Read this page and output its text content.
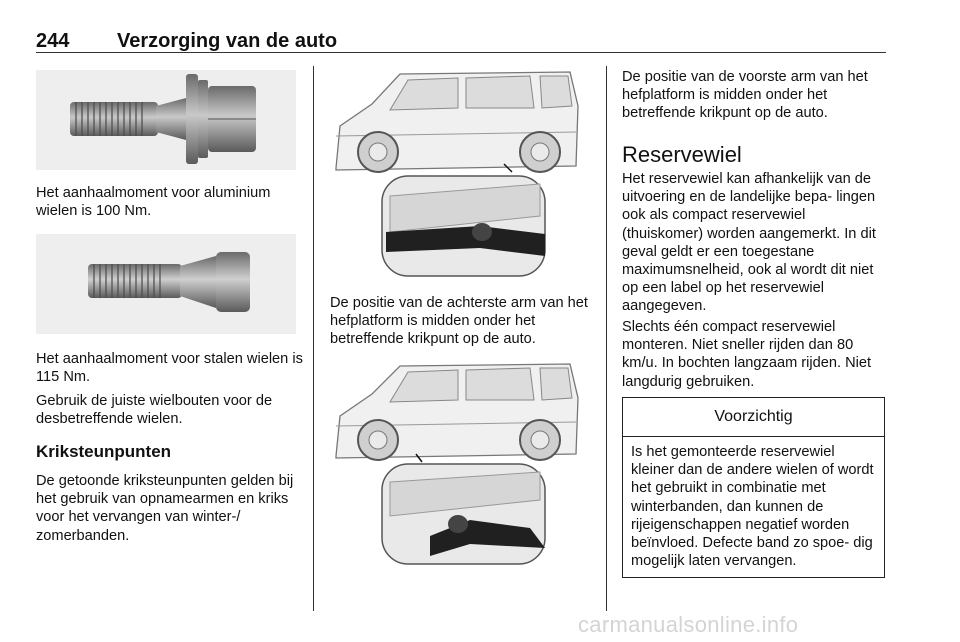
244 Verzorging van de auto

Het aanhaalmoment voor aluminium wielen is 100 Nm.

Het aanhaalmoment voor stalen wielen is 115 Nm.

Gebruik de juiste wielbouten voor de desbetreffende wielen.

Kriksteunpunten

De getoonde kriksteunpunten gelden bij het gebruik van opnamearmen en kriks voor het vervangen van winter-/ zomerbanden.

De positie van de achterste arm van het hefplatform is midden onder het betreffende krikpunt op de auto.

De positie van de voorste arm van het hefplatform is midden onder het betreffende krikpunt op de auto.

Reservewiel

Het reservewiel kan afhankelijk van de uitvoering en de landelijke bepa- lingen ook als compact reservewiel (thuiskomer) worden aangemerkt. In dit geval geldt er een toegestane maximumsnelheid, ook al wordt dit niet op een label op het reservewiel aangegeven.

Slechts één compact reservewiel monteren. Niet sneller rijden dan 80 km/u. In bochten langzaam rijden. Niet langdurig gebruiken.

Voorzichtig
Is het gemonteerde reservewiel kleiner dan de andere wielen of wordt het gebruikt in combinatie met winterbanden, dan kunnen de rijeigenschappen negatief worden beïnvloed. Defecte band zo spoe- dig mogelijk laten vervangen.
carmanualsonline.info
